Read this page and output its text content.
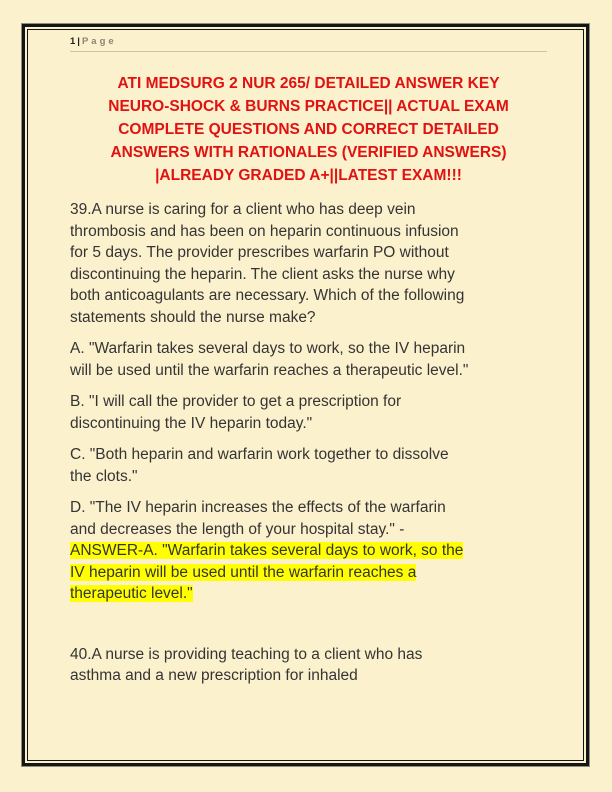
1 | Page
ATI MEDSURG 2 NUR 265/ DETAILED ANSWER KEY
NEURO-SHOCK & BURNS PRACTICE|| ACTUAL EXAM
COMPLETE QUESTIONS AND CORRECT DETAILED
ANSWERS WITH RATIONALES (VERIFIED ANSWERS)
|ALREADY GRADED A+||LATEST EXAM!!!

39.A nurse is caring for a client who has deep vein
thrombosis and has been on heparin continuous infusion
for 5 days. The provider prescribes warfarin PO without
discontinuing the heparin. The client asks the nurse why
both anticoagulants are necessary. Which of the following
statements should the nurse make?

A. "Warfarin takes several days to work, so the IV heparin
will be used until the warfarin reaches a therapeutic level."

B. "I will call the provider to get a prescription for
discontinuing the IV heparin today."

C. "Both heparin and warfarin work together to dissolve
the clots."

D. "The IV heparin increases the effects of the warfarin
and decreases the length of your hospital stay." -
ANSWER-A. "Warfarin takes several days to work, so the
IV heparin will be used until the warfarin reaches a
therapeutic level."

40.A nurse is providing teaching to a client who has
asthma and a new prescription for inhaled
